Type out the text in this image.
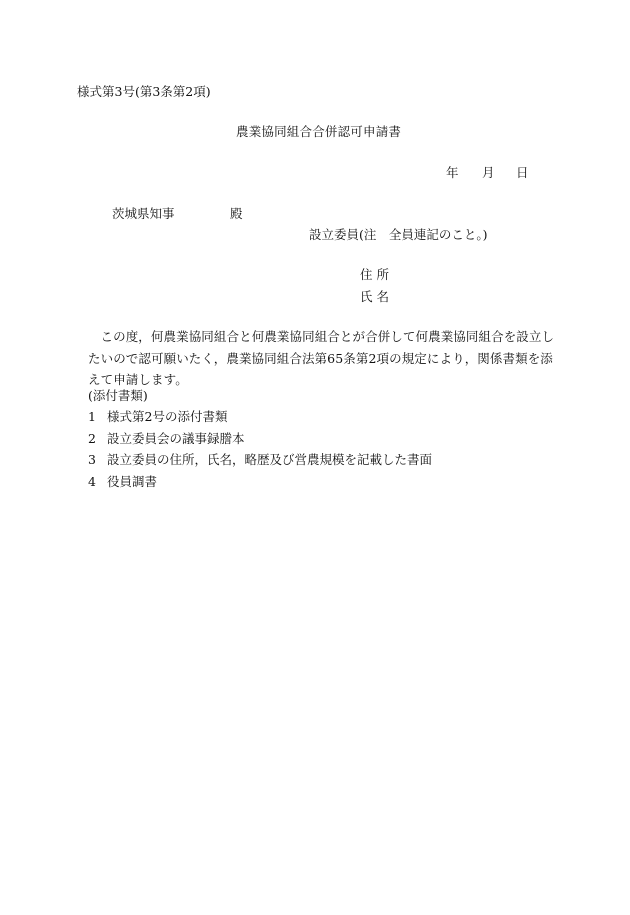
様式第3号(第3条第2項)
農業協同組合合併認可申請書
年 月 日
茨城県知事	殿
設立委員(注　全員連記のこと。)
住所
氏名
この度，何農業協同組合と何農業協同組合とが合併して何農業協同組合を設立したいので認可願いたく，農業協同組合法第65条第2項の規定により，関係書類を添えて申請します。
(添付書類)
1 様式第2号の添付書類
2 設立委員会の議事録謄本
3 設立委員の住所，氏名，略歴及び営農規模を記載した書面
4 役員調書
